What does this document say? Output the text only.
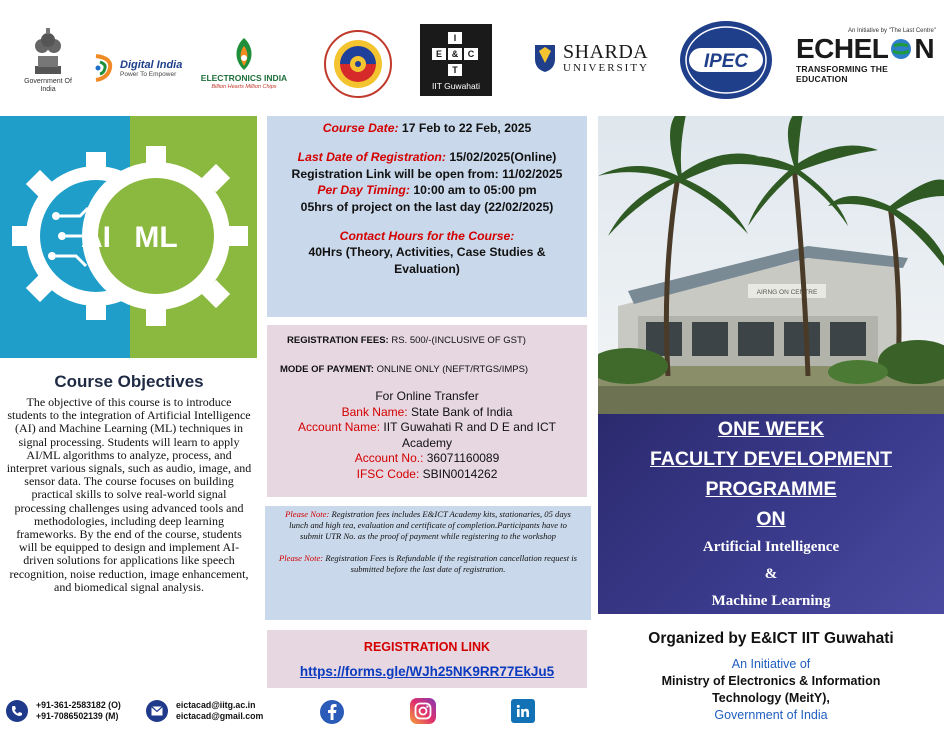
Government Of India
Digital India
Power To Empower	ELECTRONICS INDIA
Billion Hearts Million Chips
I
E & C
T
IIT Guwahati
SHARDA
UNIVERSITY	IPEC
An Initiative by "The Last Centre"
ECHEL N
TRANSFORMING THE EDUCATION
AI ML
Course Objectives
The objective of this course is to introduce students to the integration of Artificial Intelligence (AI) and Machine Learning (ML) techniques in signal processing. Students will learn to apply AI/ML algorithms to analyze, process, and interpret various signals, such as audio, image, and sensor data. The course focuses on building practical skills to solve real-world signal processing challenges using advanced tools and methodologies, including deep learning frameworks. By the end of the course, students will be equipped to design and implement AI-driven solutions for applications like speech recognition, noise reduction, image enhancement, and biomedical signal analysis.
Course Date: 17 Feb to 22 Feb, 2025
Last Date of Registration: 15/02/2025(Online)
Registration Link will be open from: 11/02/2025
Per Day Timing: 10:00 am to 05:00 pm
05hrs of project on the last day (22/02/2025)
Contact Hours for the Course:
40Hrs (Theory, Activities, Case Studies & Evaluation)
REGISTRATION FEES: RS. 500/-(INCLUSIVE OF GST)
MODE OF PAYMENT: ONLINE ONLY (NEFT/RTGS/IMPS)
For Online Transfer
Bank Name: State Bank of India
Account Name: IIT Guwahati R and D E and ICT Academy
Account No.: 36071160089
IFSC Code: SBIN0014262
Please Note: Registration fees includes E&ICT Academy kits, stationaries, 05 days lunch and high tea, evaluation and certificate of completion.Participants have to submit UTR No. as the proof of payment while registering to the workshop
Please Note: Registration Fees is Refundable if the registration cancellation request is submitted before the last date of registration.
REGISTRATION LINK
https://forms.gle/WJh25NK9RR77EkJu5
AIRNG ON CENTRE
ONE WEEK
FACULTY DEVELOPMENT
PROGRAMME
ON
Artificial Intelligence
&
Machine Learning
Organized by E&ICT IIT Guwahati
An Initiative of
Ministry of Electronics & Information Technology (MeitY),
Government of India
+91-361-2583182 (O)
+91-7086502139 (M)
eictacad@iitg.ac.in
eictacad@gmail.com
